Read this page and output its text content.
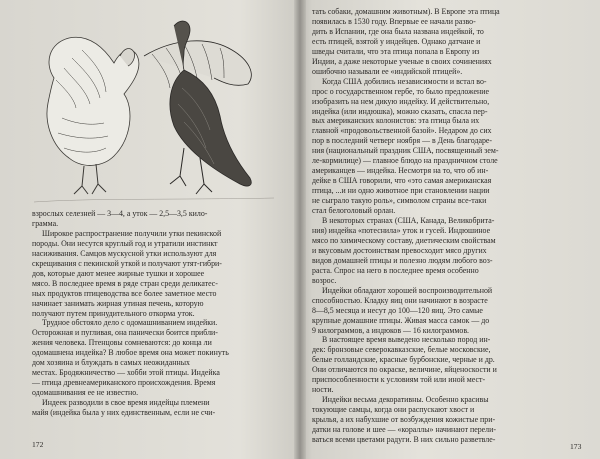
взрослых селезней — 3—4, а уток — 2,5—3,5 кило-
грамма.
Широкое распространение получили утки пекинской
породы. Они несутся круглый год и утратили инстинкт
насиживания. Самцов мускусной утки используют для
скрещивания с пекинской уткой и получают утят-гибри-
дов, которые дают менее жирные тушки и хорошее
мясо. В последнее время в ряде стран среди деликатес-
ных продуктов птицеводства все более заметное место
начинает занимать жирная утиная печень, которую
получают путем принудительного откорма уток.
Трудное обстояло дело с одомашниванием индейки.
Осторожная и пугливая, она панически боится прибли-
жения человека. Птенцовы сомневаются: до конца ли
одомашнена индейка? В любое время она может покинуть
дом хозяина и блуждать в самых неожиданных
местах. Бродяжничество — хобби этой птицы. Индейка
— птица древнеамериканского происхождения. Время
одомашнивания ее не известно.
Индеек разводили в свое время индейцы племени
майя (индейка была у них единственным, если не счи-
172
тать собаки, домашним животным). В Европе эта птица
появилась в 1530 году. Впервые ее начали разво-
дить в Испании, где она была названа индейкой, то
есть птицей, взятой у индейцев. Однако датчане и
шведы считали, что эта птица попала в Европу из
Индии, а даже некоторые ученые в своих сочинениях
ошибочно называли ее «индийской птицей».
Когда США добились независимости и встал во-
прос о государственном гербе, то было предложение
изобразить на нем дикую индейку. И действительно,
индейка (или индюшка), можно сказать, спасла пер-
вых американских колонистов: эта птица была их
главной «продовольственной базой». Недаром до сих
пор в последний четверг ноября — в День благодаре-
ния (национальный праздник США, посвященный зем-
ле-кормилице) — главное блюдо на праздничном столе
американцев — индейка. Несмотря на то, что об ин-
дейке в США говорили, что «это самая американская
птица, ...и ни одно животное при становлении нации
не сыграло такую роль», символом страны все-таки
стал белоголовый орлан.
В некоторых странах (США, Канада, Великобрита-
ния) индейка «потеснила» уток и гусей. Индюшиное
мясо по химическому составу, диетическим свойствам
и вкусовым достоинствам превосходит мясо других
видов домашней птицы и полезно людям любого воз-
раста. Спрос на него в последнее время особенно
возрос.
Индейки обладают хорошей воспроизводительной
способностью. Кладку яиц они начинают в возрасте
8—8,5 месяца и несут до 100—120 яиц. Это самые
крупные домашние птицы. Живая масса самок — до
9 килограммов, а индюков — 16 килограммов.
В настоящее время выведено несколько пород ин-
дек: бронзовые северокавказские, белые московские,
белые голландские, красные бурбонские, черные и др.
Они отличаются по окраске, величине, яйценоскости и
приспособленности к условиям той или иной мест-
ности.
Индейки весьма декоративны. Особенно красивы
токующие самцы, когда они распускают хвост и
крылья, а их набухшие от возбуждения кожистые при-
датки на голове и шее — «кораллы» начинают перели-
ваться всеми цветами радуги. В них сильно разветвле-
173
